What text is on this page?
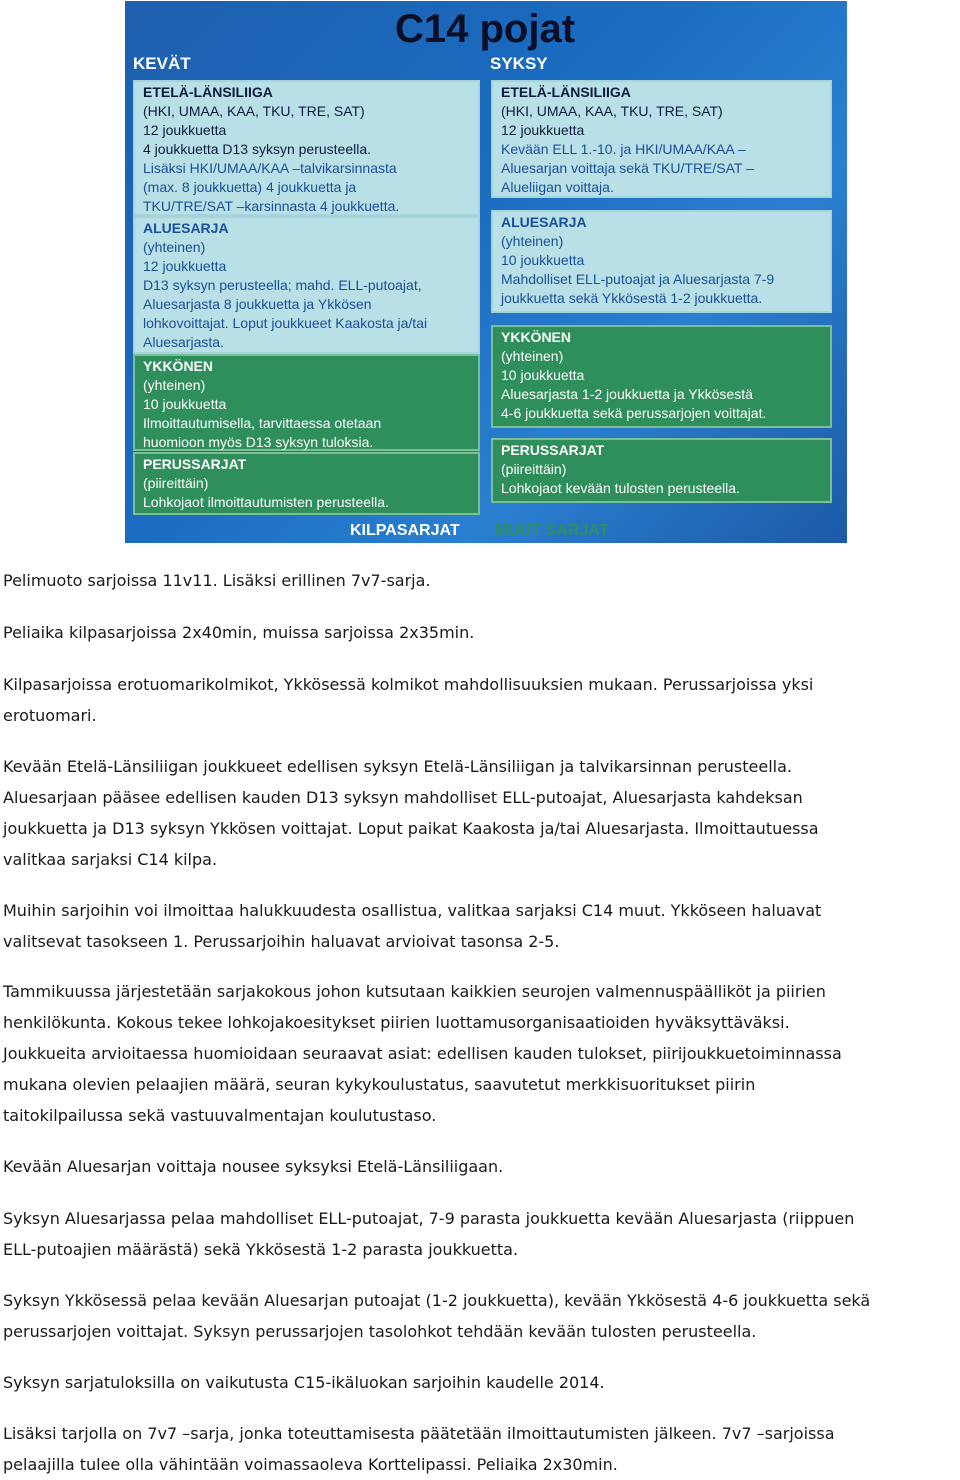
C14 pojat
KEVÄT	SYKSY
ETELÄ-LÄNSILIIGA
(HKI, UMAA, KAA, TKU, TRE, SAT)
12 joukkuetta
4 joukkuetta D13 syksyn perusteella.
Lisäksi HKI/UMAA/KAA –talvikarsinnasta
(max. 8 joukkuetta) 4 joukkuetta ja
TKU/TRE/SAT –karsinnasta 4 joukkuetta.
ALUESARJA
(yhteinen)
12 joukkuetta
D13 syksyn perusteella; mahd. ELL-putoajat,
Aluesarjasta 8 joukkuetta ja Ykkösen
lohkovoittajat. Loput joukkueet Kaakosta ja/tai
Aluesarjasta.
YKKÖNEN
(yhteinen)
10 joukkuetta
Ilmoittautumisella, tarvittaessa otetaan
huomioon myös D13 syksyn tuloksia.
PERUSSARJAT
(piireittäin)
Lohkojaot ilmoittautumisten perusteella.
ETELÄ-LÄNSILIIGA
(HKI, UMAA, KAA, TKU, TRE, SAT)
12 joukkuetta
Kevään ELL 1.-10. ja HKI/UMAA/KAA –
Aluesarjan voittaja sekä TKU/TRE/SAT –
Alueliigan voittaja.
ALUESARJA
(yhteinen)
10 joukkuetta
Mahdolliset ELL-putoajat ja Aluesarjasta 7-9
joukkuetta sekä Ykkösestä 1-2 joukkuetta.
YKKÖNEN
(yhteinen)
10 joukkuetta
Aluesarjasta 1-2 joukkuetta ja Ykkösestä
4-6 joukkuetta sekä perussarjojen voittajat.
PERUSSARJAT
(piireittäin)
Lohkojaot kevään tulosten perusteella.
KILPASARJAT MUUT SARJAT
Pelimuoto sarjoissa 11v11. Lisäksi erillinen 7v7-sarja.
Peliaika kilpasarjoissa 2x40min, muissa sarjoissa 2x35min.
Kilpasarjoissa erotuomarikolmikot, Ykkösessä kolmikot mahdollisuuksien mukaan. Perussarjoissa yksi
erotuomari.
Kevään Etelä-Länsiliigan joukkueet edellisen syksyn Etelä-Länsiliigan ja talvikarsinnan perusteella.
Aluesarjaan pääsee edellisen kauden D13 syksyn mahdolliset ELL-putoajat, Aluesarjasta kahdeksan
joukkuetta ja D13 syksyn Ykkösen voittajat. Loput paikat Kaakosta ja/tai Aluesarjasta. Ilmoittautuessa
valitkaa sarjaksi C14 kilpa.
Muihin sarjoihin voi ilmoittaa halukkuudesta osallistua, valitkaa sarjaksi C14 muut. Ykköseen haluavat
valitsevat tasokseen 1. Perussarjoihin haluavat arvioivat tasonsa 2-5.
Tammikuussa järjestetään sarjakokous johon kutsutaan kaikkien seurojen valmennuspäälliköt ja piirien
henkilökunta. Kokous tekee lohkojakoesitykset piirien luottamusorganisaatioiden hyväksyttäväksi.
Joukkueita arvioitaessa huomioidaan seuraavat asiat: edellisen kauden tulokset, piirijoukkuetoiminnassa
mukana olevien pelaajien määrä, seuran kykykoulustatus, saavutetut merkkisuoritukset piirin
taitokilpailussa sekä vastuuvalmentajan koulutustaso.
Kevään Aluesarjan voittaja nousee syksyksi Etelä-Länsiliigaan.
Syksyn Aluesarjassa pelaa mahdolliset ELL-putoajat, 7-9 parasta joukkuetta kevään Aluesarjasta (riippuen
ELL-putoajien määrästä) sekä Ykkösestä 1-2 parasta joukkuetta.
Syksyn Ykkösessä pelaa kevään Aluesarjan putoajat (1-2 joukkuetta), kevään Ykkösestä 4-6 joukkuetta sekä
perussarjojen voittajat. Syksyn perussarjojen tasolohkot tehdään kevään tulosten perusteella.
Syksyn sarjatuloksilla on vaikutusta C15-ikäluokan sarjoihin kaudelle 2014.
Lisäksi tarjolla on 7v7 –sarja, jonka toteuttamisesta päätetään ilmoittautumisten jälkeen. 7v7 –sarjoissa
pelaajilla tulee olla vähintään voimassaoleva Korttelipassi. Peliaika 2x30min.
